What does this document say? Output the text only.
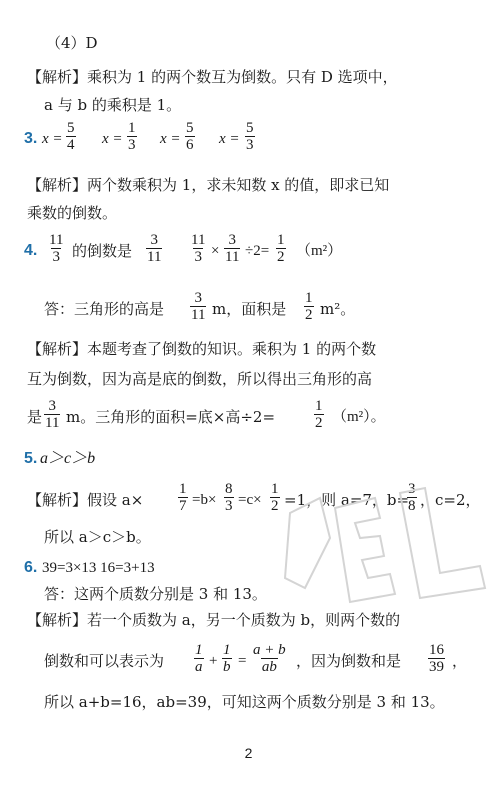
（4）D
【解析】乘积为 1 的两个数互为倒数。只有 D 选项中，
a 与 b 的乘积是 1。
3. x =
5
4 x =
1
3 x =
5
6 x =
5
3
【解析】两个数乘积为 1，求未知数 x 的值，即求已知
乘数的倒数。
4.
11
3 的倒数是
3
11
11
3 ×
3
11 ÷2=
1
2 （m²）
答：三角形的高是
3
11 m，面积是
1
2 m²。
【解析】本题考查了倒数的知识。乘积为 1 的两个数
互为倒数，因为高是底的倒数，所以得出三角形的高
是
3
11 m。三角形的面积=底×高÷2=
1
2 （m²）。
5. a＞c＞b
【解析】假设 a×
1
7 =b×
8
3 =c×
1
2 =1，则 a=7，b=
3
8 ，c=2，
所以 a＞c＞b。
6. 39=3×13 16=3+13
答：这两个质数分别是 3 和 13。
【解析】若一个质数为 a，另一个质数为 b，则两个数的
倒数和可以表示为
1
a +
1
b =
a + b
ab ，因为倒数和是
16
39 ，
所以 a+b=16，ab=39，可知这两个质数分别是 3 和 13。
2
